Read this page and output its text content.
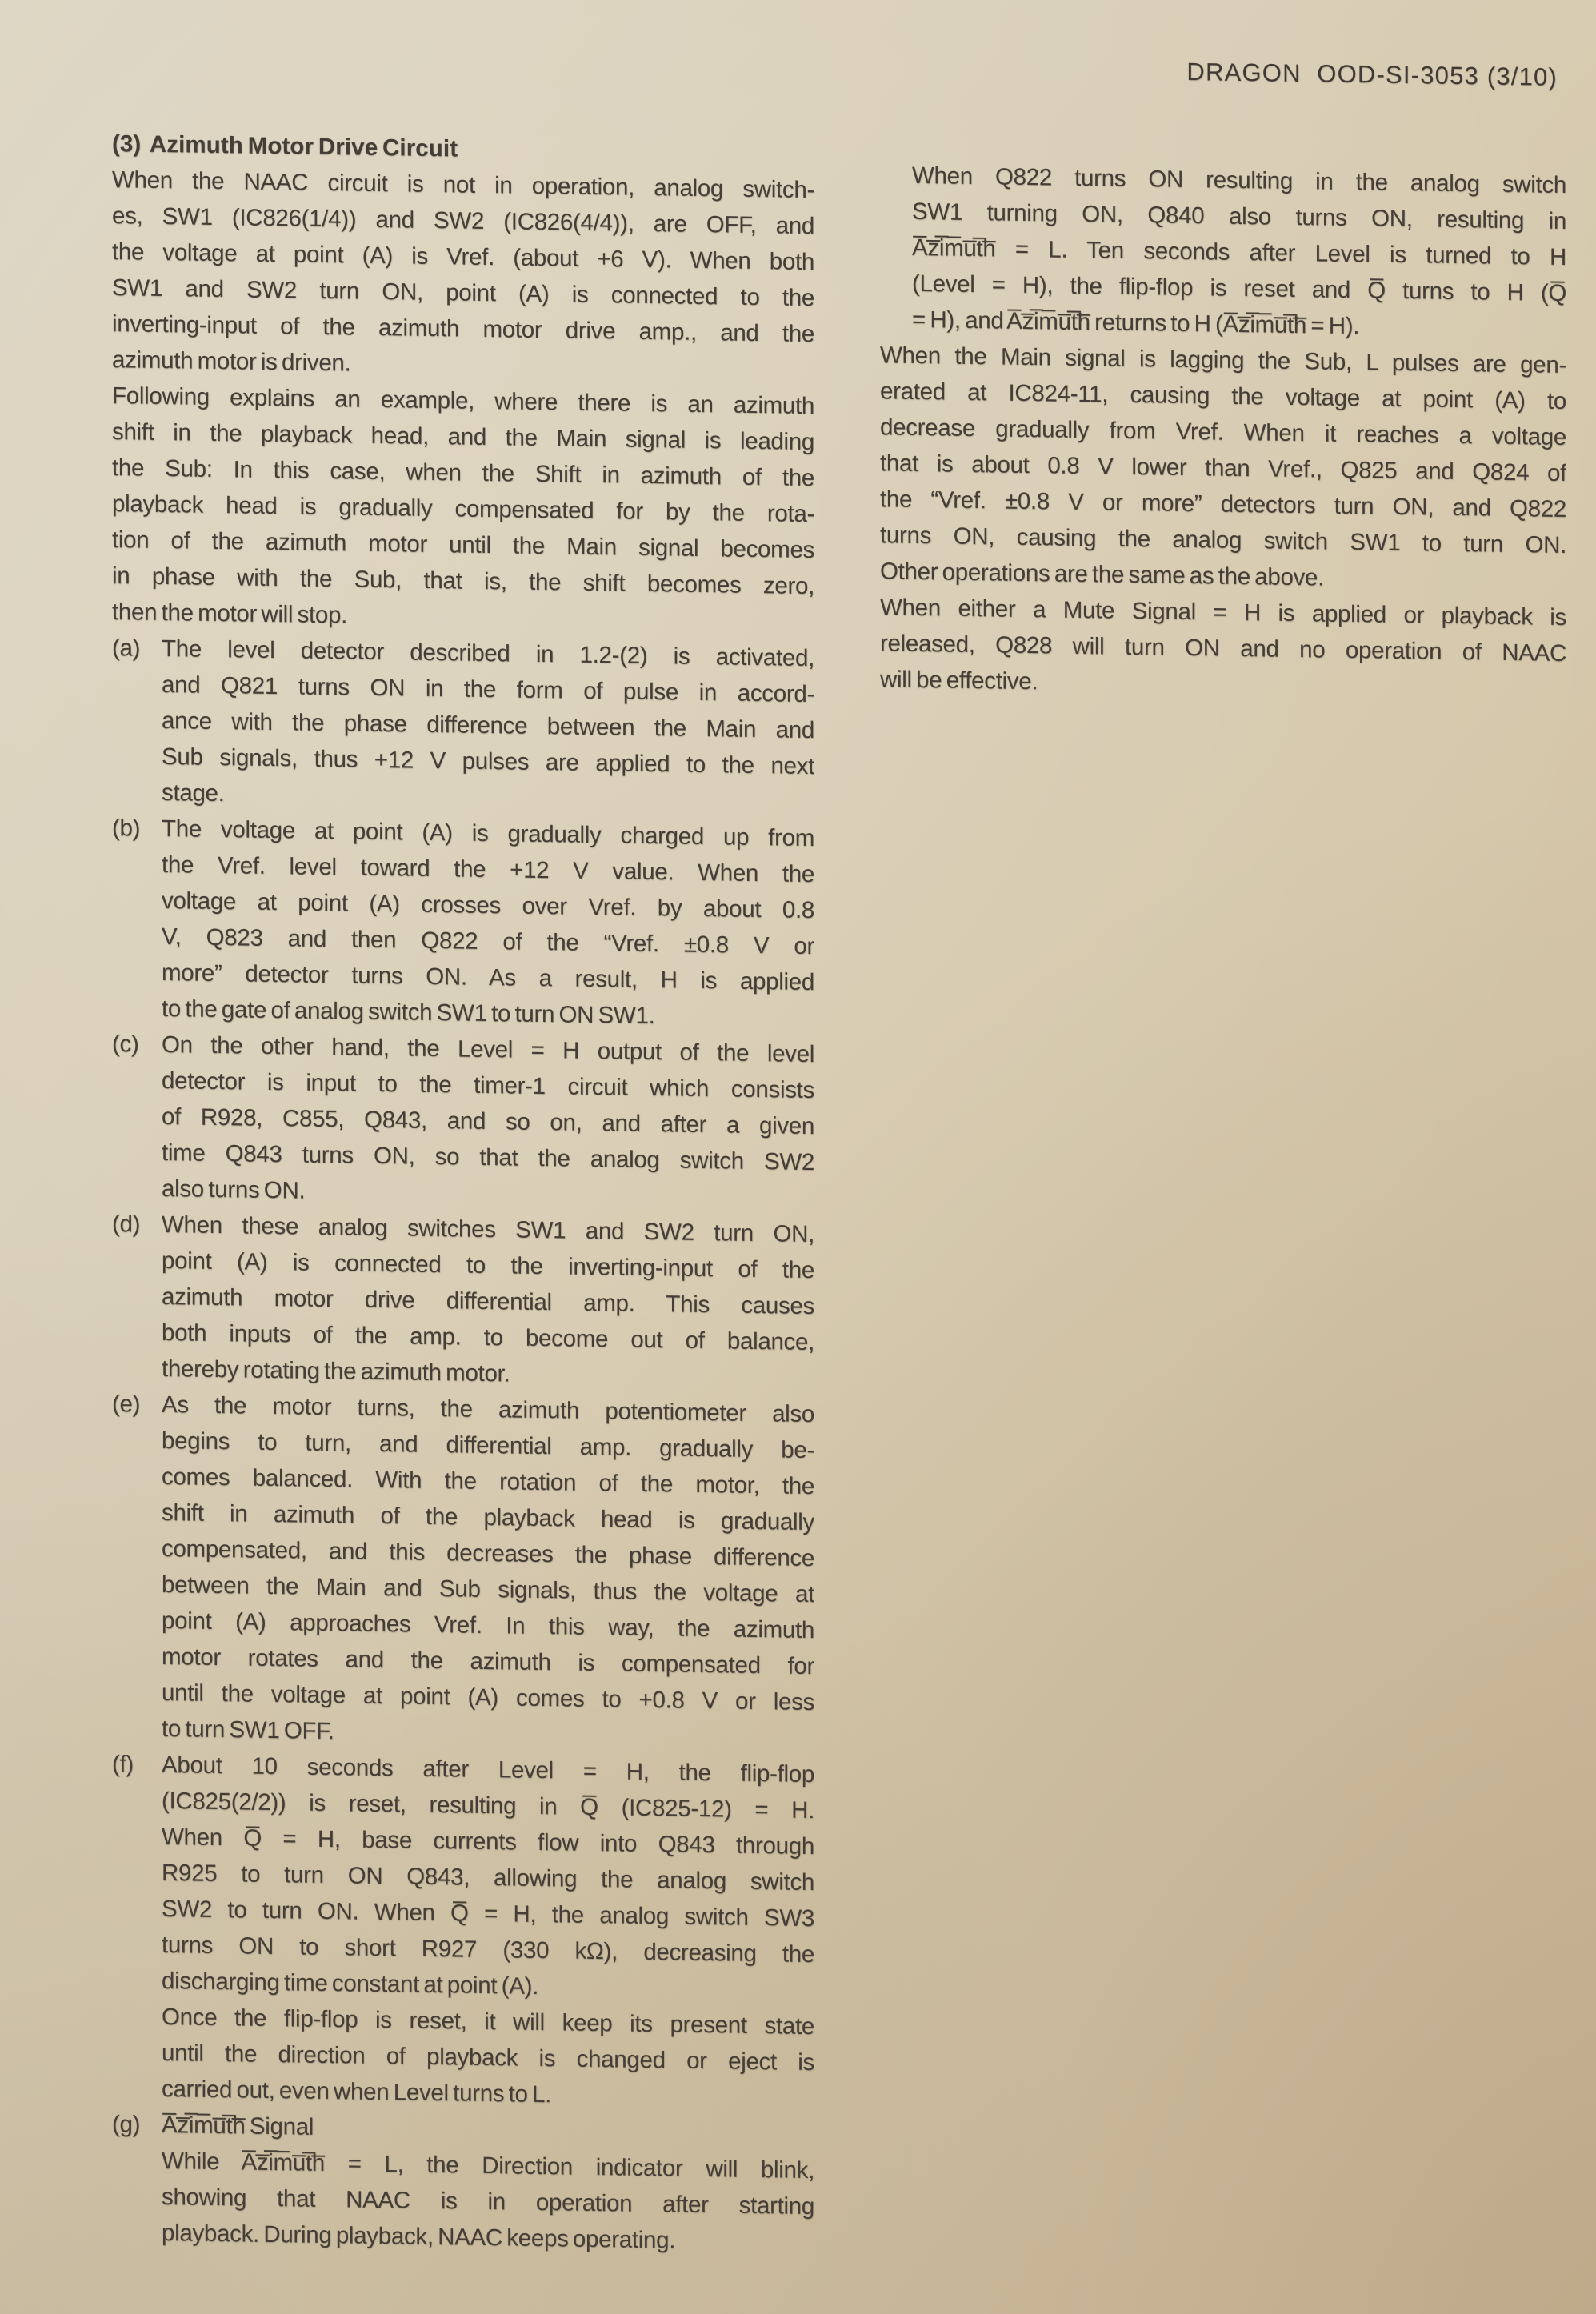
DRAGON  OOD-SI-3053 (3/10)
(3)  Azimuth Motor Drive Circuit
When the NAAC circuit is not in operation, analog switch-
es, SW1 (IC826(1/4)) and SW2 (IC826(4/4)), are OFF, and
the voltage at point (A) is Vref. (about +6 V). When both
SW1 and SW2 turn ON, point (A) is connected to the
inverting-input of the azimuth motor drive amp., and the
azimuth motor is driven.
Following explains an example, where there is an azimuth
shift in the playback head, and the Main signal is leading
the Sub: In this case, when the Shift in azimuth of the
playback head is gradually compensated for by the rota-
tion of the azimuth motor until the Main signal becomes
in phase with the Sub, that is, the shift becomes zero,
then the motor will stop.
(a) The level detector described in 1.2-(2) is activated,
and Q821 turns ON in the form of pulse in accord-
ance with the phase difference between the Main and
Sub signals, thus +12 V pulses are applied to the next
stage.
(b) The voltage at point (A) is gradually charged up from
the Vref. level toward the +12 V value. When the
voltage at point (A) crosses over Vref. by about 0.8
V, Q823 and then Q822 of the “Vref. ±0.8 V or
more” detector turns ON. As a result, H is applied
to the gate of analog switch SW1 to turn ON SW1.
(c) On the other hand, the Level = H output of the level
detector is input to the timer-1 circuit which consists
of R928, C855, Q843, and so on, and after a given
time Q843 turns ON, so that the analog switch SW2
also turns ON.
(d) When these analog switches SW1 and SW2 turn ON,
point (A) is connected to the inverting-input of the
azimuth motor drive differential amp. This causes
both inputs of the amp. to become out of balance,
thereby rotating the azimuth motor.
(e) As the motor turns, the azimuth potentiometer also
begins to turn, and differential amp. gradually be-
comes balanced. With the rotation of the motor, the
shift in azimuth of the playback head is gradually
compensated, and this decreases the phase difference
between the Main and Sub signals, thus the voltage at
point (A) approaches Vref. In this way, the azimuth
motor rotates and the azimuth is compensated for
until the voltage at point (A) comes to +0.8 V or less
to turn SW1 OFF.
(f)	About 10 seconds after Level = H, the flip-flop
(IC825(2/2)) is reset, resulting in Q̅ (IC825-12) = H.
When Q̅ = H, base currents flow into Q843 through
R925 to turn ON Q843, allowing the analog switch
SW2 to turn ON. When Q̅ = H, the analog switch SW3
turns ON to short R927 (330 kΩ), decreasing the
discharging time constant at point (A).
Once the flip-flop is reset, it will keep its present state
until the direction of playback is changed or eject is
carried out, even when Level turns to L.
(g) A̅z̅i̅m̅u̅t̅h̅ Signal
While A̅z̅i̅m̅u̅t̅h̅ = L, the Direction indicator will blink,
showing that NAAC is in operation after starting
playback. During playback, NAAC keeps operating.
When Q822 turns ON resulting in the analog switch
SW1 turning ON, Q840 also turns ON, resulting in
A̅z̅i̅m̅u̅t̅h̅ = L. Ten seconds after Level is turned to H
(Level = H), the flip-flop is reset and Q̅ turns to H (Q̅
= H), and A̅z̅i̅m̅u̅t̅h̅ returns to H (A̅z̅i̅m̅u̅t̅h̅ = H).
When the Main signal is lagging the Sub, L pulses are gen-
erated at IC824-11, causing the voltage at point (A) to
decrease gradually from Vref. When it reaches a voltage
that is about 0.8 V lower than Vref., Q825 and Q824 of
the “Vref. ±0.8 V or more” detectors turn ON, and Q822
turns ON, causing the analog switch SW1 to turn ON.
Other operations are the same as the above.
When either a Mute Signal = H is applied or playback is
released, Q828 will turn ON and no operation of NAAC
will be effective.
